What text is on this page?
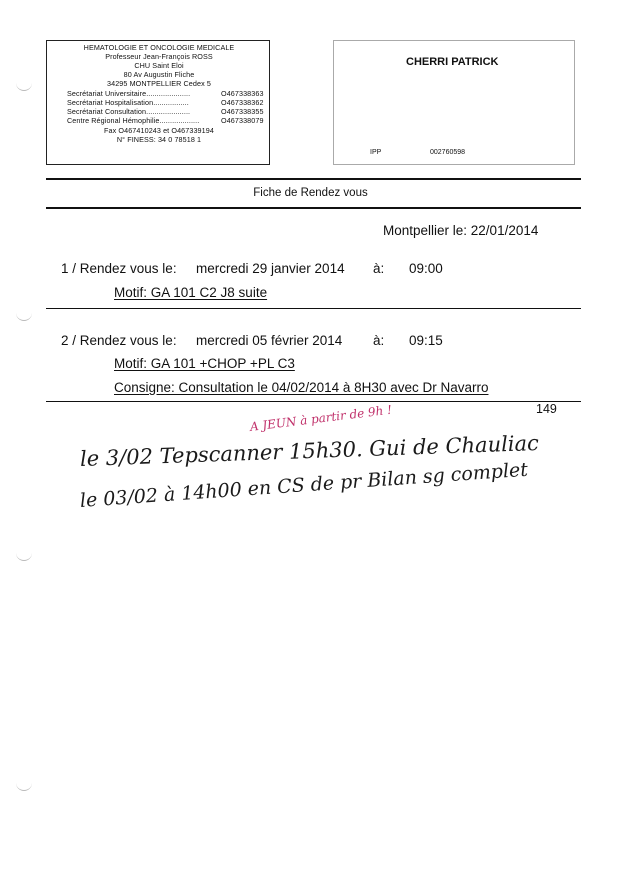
HEMATOLOGIE ET ONCOLOGIE MEDICALE
Professeur Jean-François ROSS
CHU Saint Eloi
80 Av Augustin Fliche
34295 MONTPELLIER Cedex 5
Secrétariat Universitaire.....................	O467338363
Secrétariat Hospitalisation.................	O467338362
Secrétariat Consultation.....................	O467338355
Centre Régional Hémophilie...................	O467338079
Fax O467410243 et O467339194
N° FINESS: 34 0 78518 1
CHERRI PATRICK
IPP	002760598
Fiche de Rendez vous
Montpellier le: 22/01/2014
1 / Rendez vous le: mercredi 29 janvier 2014 à: 09:00
Motif: GA 101 C2 J8 suite
2 / Rendez vous le: mercredi 05 février 2014 à: 09:15
Motif: GA 101 +CHOP +PL C3
Consigne: Consultation le 04/02/2014 à 8H30 avec Dr Navarro
149
A JEUN à partir de 9h !
le 3/02 Tepscanner 15h30. Gui de Chauliac
le 03/02 à 14h00 en CS de pr Bilan sg complet
